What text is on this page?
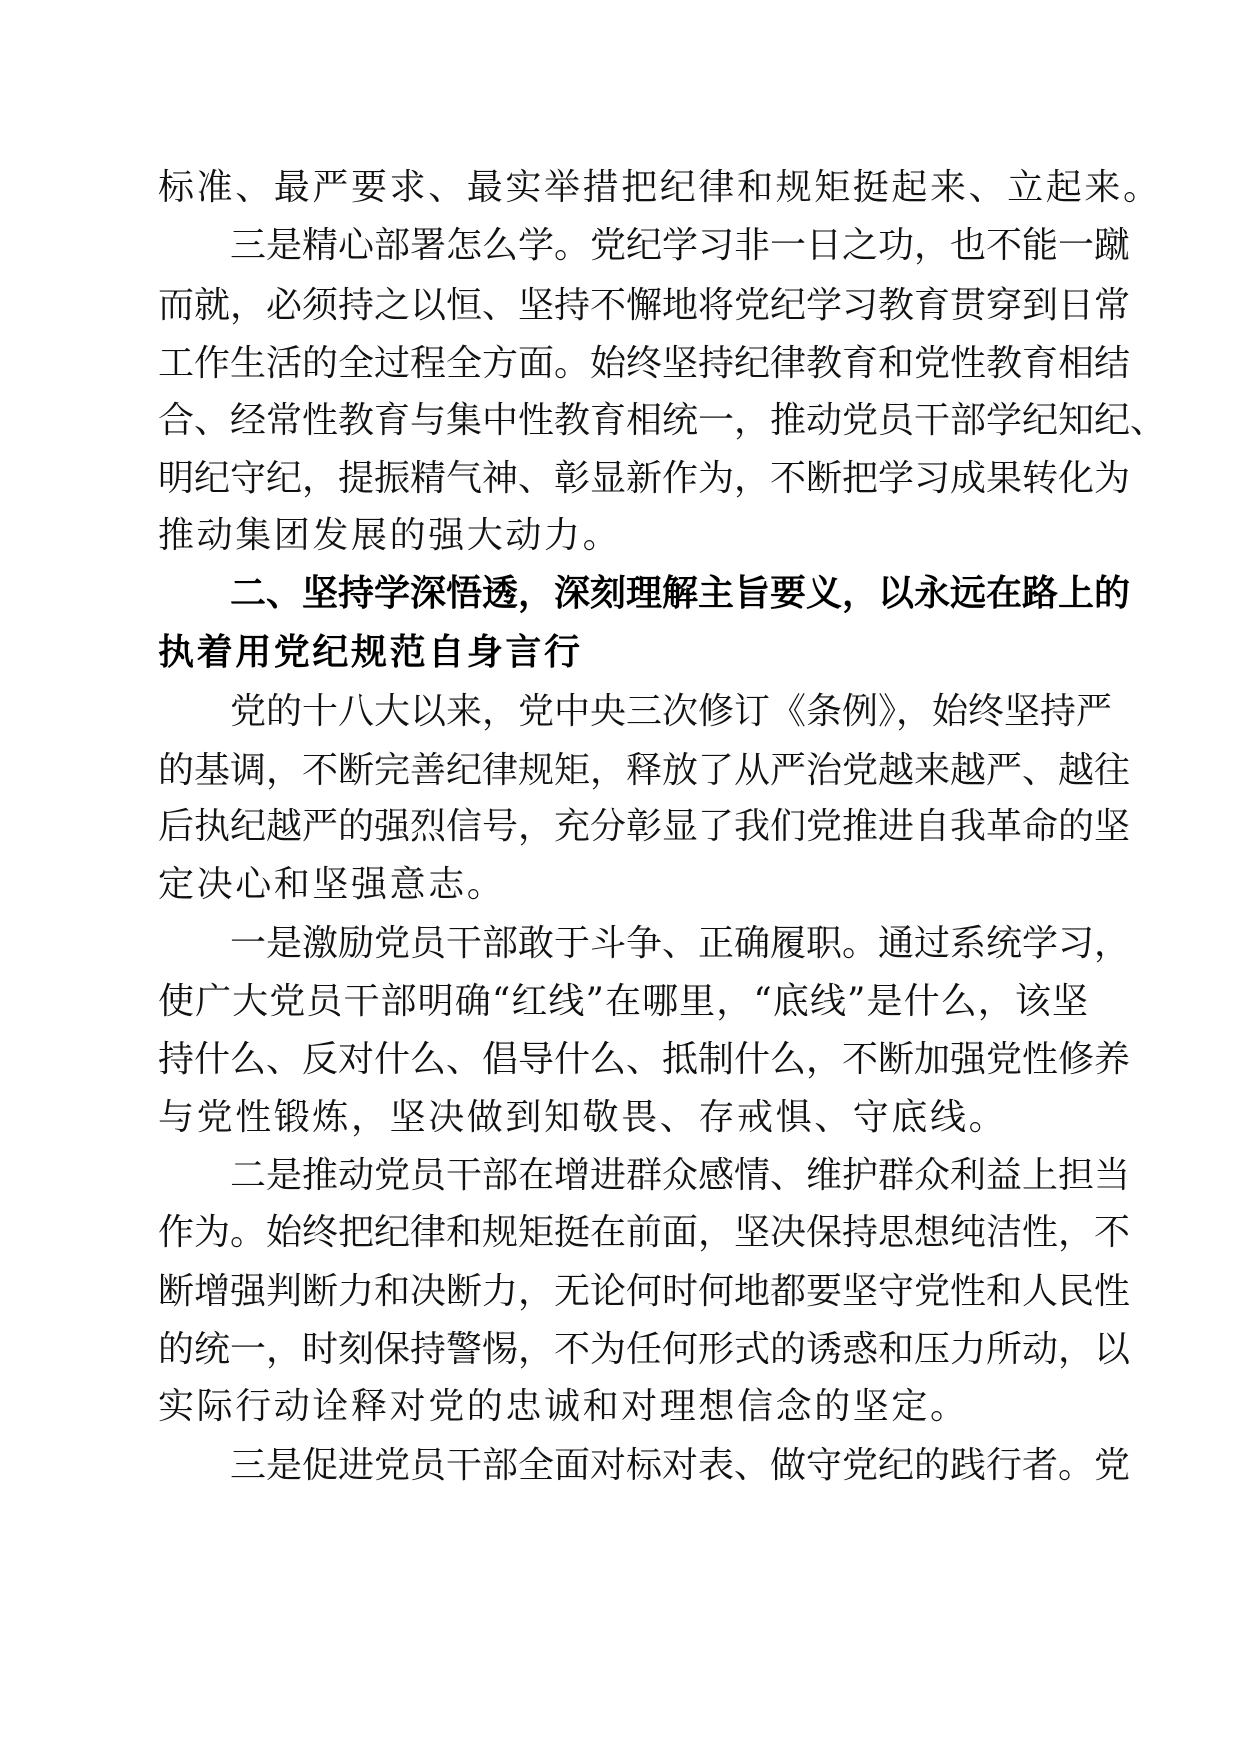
标准、最严要求、最实举措把纪律和规矩挺起来、立起来。
三是精心部署怎么学。党纪学习非一日之功，也不能一蹴
而就，必须持之以恒、坚持不懈地将党纪学习教育贯穿到日常
工作生活的全过程全方面。始终坚持纪律教育和党性教育相结
合、经常性教育与集中性教育相统一，推动党员干部学纪知纪、
明纪守纪，提振精气神、彰显新作为，不断把学习成果转化为
推动集团发展的强大动力。
二、坚持学深悟透，深刻理解主旨要义，以永远在路上的
执着用党纪规范自身言行
党的十八大以来，党中央三次修订《条例》，始终坚持严
的基调，不断完善纪律规矩，释放了从严治党越来越严、越往
后执纪越严的强烈信号，充分彰显了我们党推进自我革命的坚
定决心和坚强意志。
一是激励党员干部敢于斗争、正确履职。通过系统学习，
使广大党员干部明确“红线”在哪里，“底线”是什么，该坚
持什么、反对什么、倡导什么、抵制什么，不断加强党性修养
与党性锻炼，坚决做到知敬畏、存戒惧、守底线。
二是推动党员干部在增进群众感情、维护群众利益上担当
作为。始终把纪律和规矩挺在前面，坚决保持思想纯洁性，不
断增强判断力和决断力，无论何时何地都要坚守党性和人民性
的统一，时刻保持警惕，不为任何形式的诱惑和压力所动，以
实际行动诠释对党的忠诚和对理想信念的坚定。
三是促进党员干部全面对标对表、做守党纪的践行者。党
